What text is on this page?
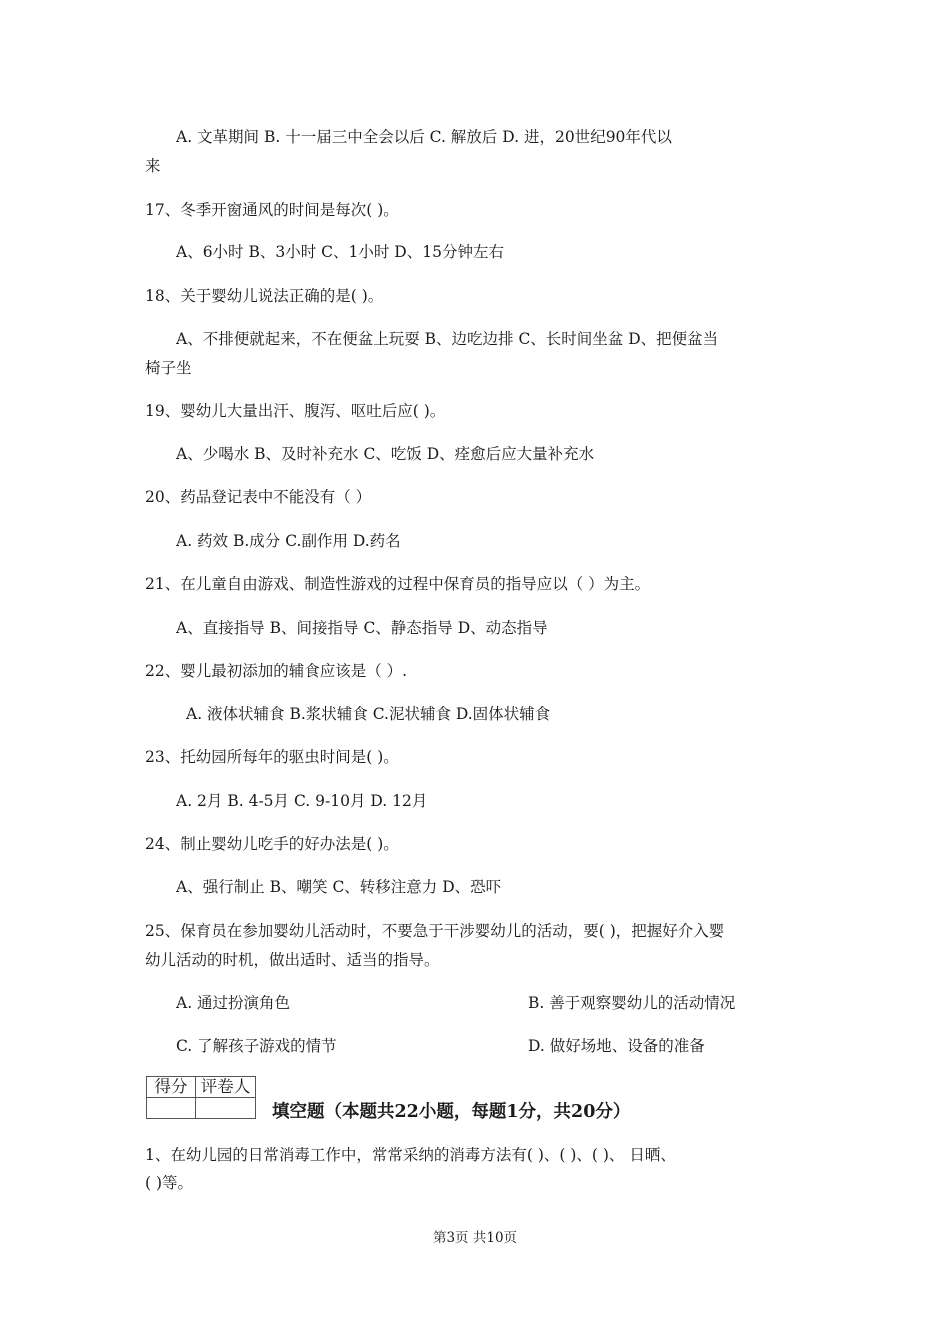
A. 文革期间 B. 十一届三中全会以后 C. 解放后 D. 进，20世纪90年代以
来
17、冬季开窗通风的时间是每次( )。
A、6小时 B、3小时 C、1小时 D、15分钟左右
18、关于婴幼儿说法正确的是( )。
A、不排便就起来，不在便盆上玩耍 B、边吃边排 C、长时间坐盆 D、把便盆当
椅子坐
19、婴幼儿大量出汗、腹泻、呕吐后应( )。
A、少喝水 B、及时补充水 C、吃饭 D、痊愈后应大量补充水
20、药品登记表中不能没有（ ）
A. 药效 B.成分 C.副作用 D.药名
21、在儿童自由游戏、制造性游戏的过程中保育员的指导应以（ ）为主。
A、直接指导 B、间接指导 C、静态指导 D、动态指导
22、婴儿最初添加的辅食应该是（ ）.
A. 液体状辅食 B.浆状辅食 C.泥状辅食 D.固体状辅食
23、托幼园所每年的驱虫时间是( )。
A. 2月 B. 4-5月 C. 9-10月 D. 12月
24、制止婴幼儿吃手的好办法是( )。
A、强行制止 B、嘲笑 C、转移注意力 D、恐吓
25、保育员在参加婴幼儿活动时，不要急于干涉婴幼儿的活动，要( )，把握好介入婴
幼儿活动的时机，做出适时、适当的指导。
A. 通过扮演角色	B. 善于观察婴幼儿的活动情况
C. 了解孩子游戏的情节	D. 做好场地、设备的准备
得分	评卷人

填空题（本题共22小题，每题1分，共20分）
1、在幼儿园的日常消毒工作中，常常采纳的消毒方法有( )、( )、( )、 日晒、
( )等。
第3页 共10页
